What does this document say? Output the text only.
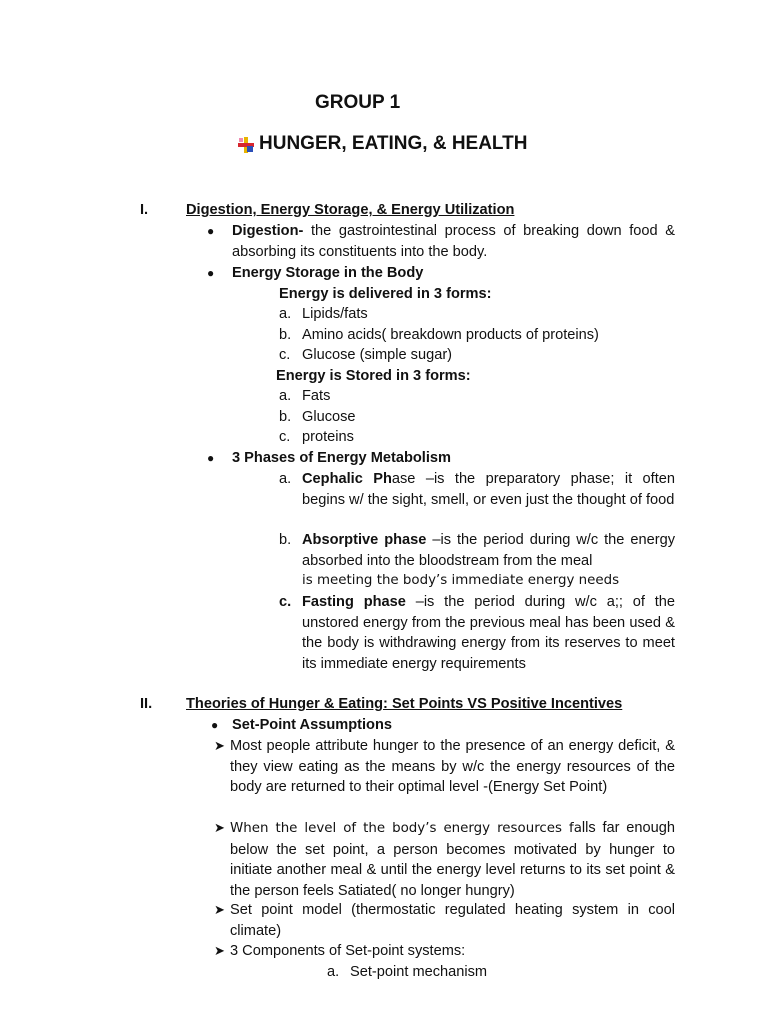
GROUP 1
HUNGER, EATING, & HEALTH
I.	Digestion, Energy Storage, & Energy Utilization
● Digestion- the gastrointestinal process of breaking down food & absorbing its constituents into the body.
● Energy Storage in the Body
Energy is delivered in 3 forms:
a. Lipids/fats
b. Amino acids( breakdown products of proteins)
c. Glucose (simple sugar)
Energy is Stored in 3 forms:
a. Fats
b. Glucose
c. proteins
● 3 Phases of Energy Metabolism
a. Cephalic Phase –is the preparatory phase; it often begins w/ the sight, smell, or even just the thought of food
b. Absorptive phase –is the period during w/c the energy absorbed into the bloodstream from the meal
is meeting the body’s immediate energy needs
c. Fasting phase –is the period during w/c a;; of the unstored energy from the previous meal has been used & the body is withdrawing energy from its reserves to meet its immediate energy requirements
II. Theories of Hunger & Eating: Set Points VS Positive Incentives
● Set-Point Assumptions
➤ Most people attribute hunger to the presence of an energy deficit, & they view eating as the means by w/c the energy resources of the body are returned to their optimal level -(Energy Set Point)
➤ When the level of the body’s energy resources falls far enough below the set point, a person becomes motivated by hunger to initiate another meal & until the energy level returns to its set point & the person feels Satiated( no longer hungry)
➤ Set point model (thermostatic regulated heating system in cool climate)
➤ 3 Components of Set-point systems:
a. Set-point mechanism
